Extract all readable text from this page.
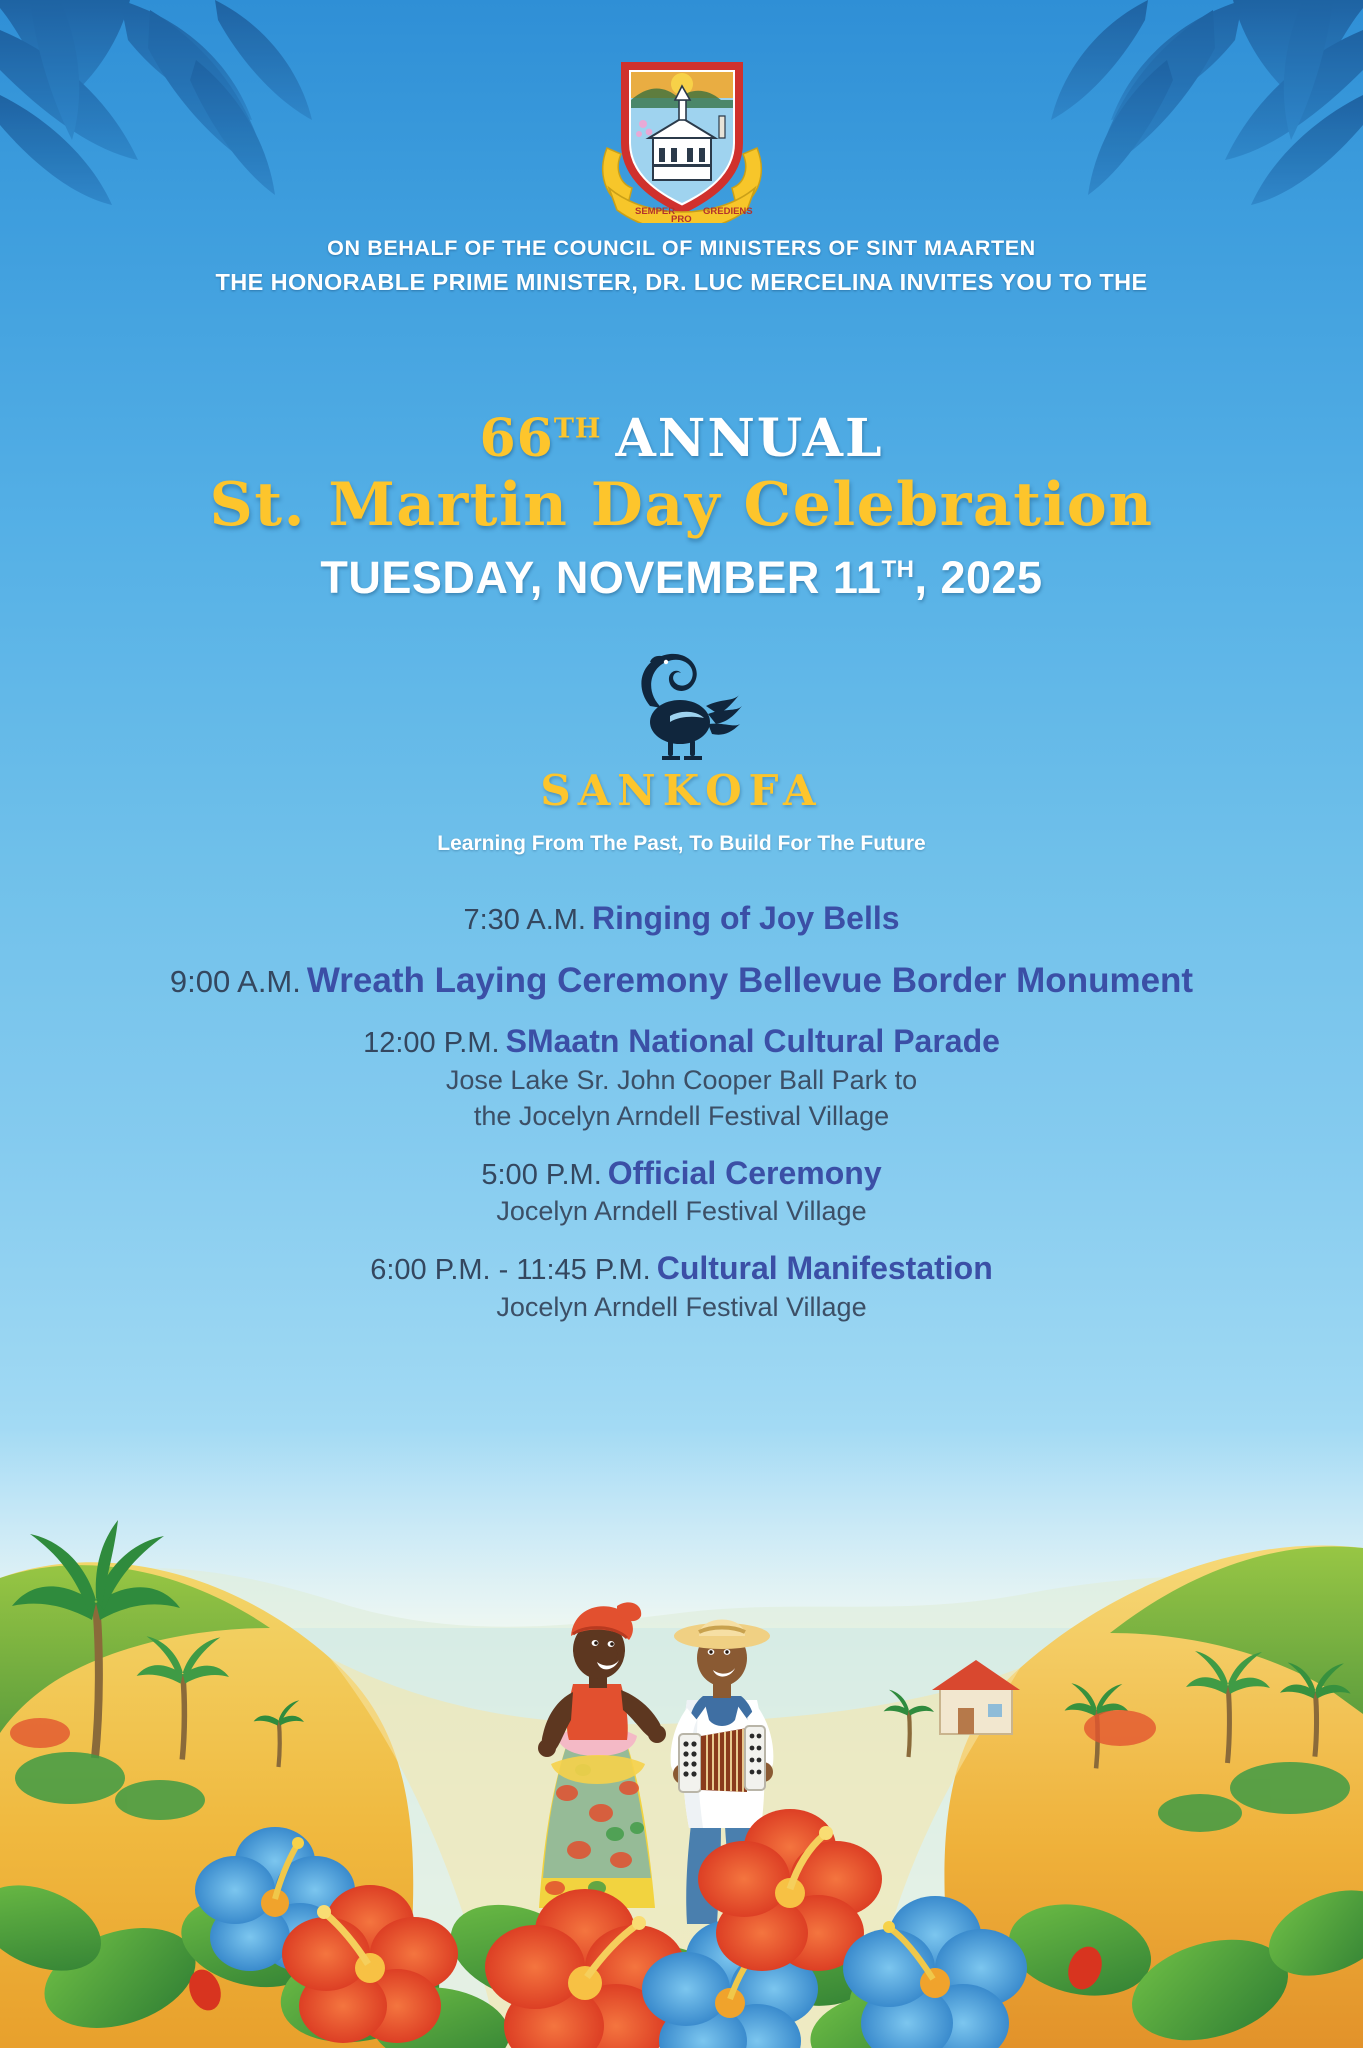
SEMPER
PRO
GREDIENS
ON BEHALF OF THE COUNCIL OF MINISTERS OF SINT MAARTEN
THE HONORABLE PRIME MINISTER, DR. LUC MERCELINA INVITES YOU TO THE
66TH ANNUAL
St. Martin Day Celebration
TUESDAY, NOVEMBER 11TH, 2025
SANKOFA
Learning From The Past, To Build For The Future
7:30 A.M. Ringing of Joy Bells
9:00 A.M. Wreath Laying Ceremony Bellevue Border Monument
12:00 P.M. SMaatn National Cultural Parade
Jose Lake Sr. John Cooper Ball Park to
the Jocelyn Arndell Festival Village
5:00 P.M. Official Ceremony
Jocelyn Arndell Festival Village
6:00 P.M. - 11:45 P.M. Cultural Manifestation
Jocelyn Arndell Festival Village
